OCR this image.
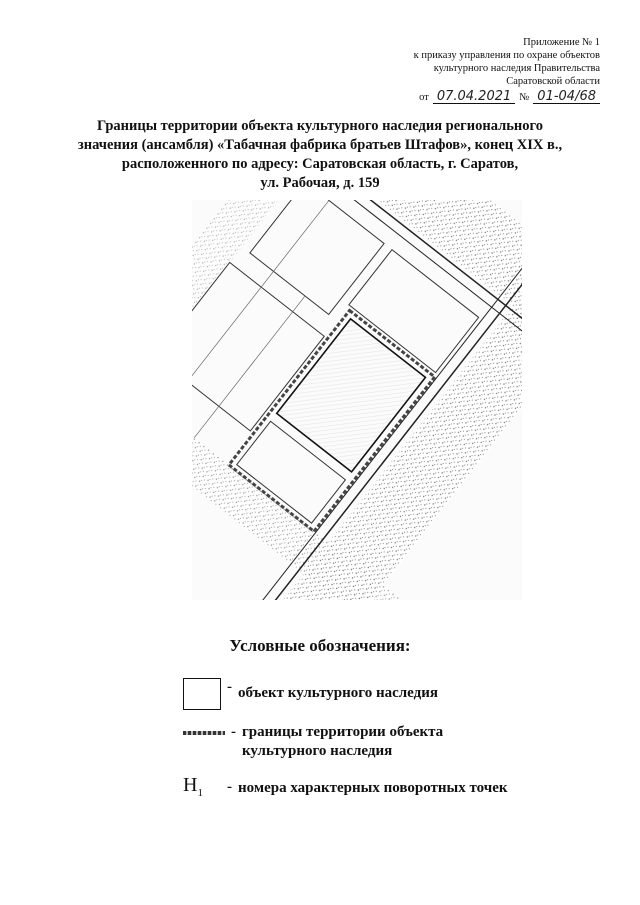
Приложение № 1
к приказу управления по охране объектов
культурного наследия Правительства
Саратовской области
от 07.04.2021 № 01-04/68
Границы территории объекта культурного наследия регионального
значения (ансамбля) «Табачная фабрика братьев Штафов», конец XIX в.,
расположенного по адресу: Саратовская область, г. Саратов,
ул. Рабочая, д. 159
Условные обозначения:
- объект культурного наследия
- границы территории объекта
культурного наследия
$Н_1$	- номера характерных поворотных точек
